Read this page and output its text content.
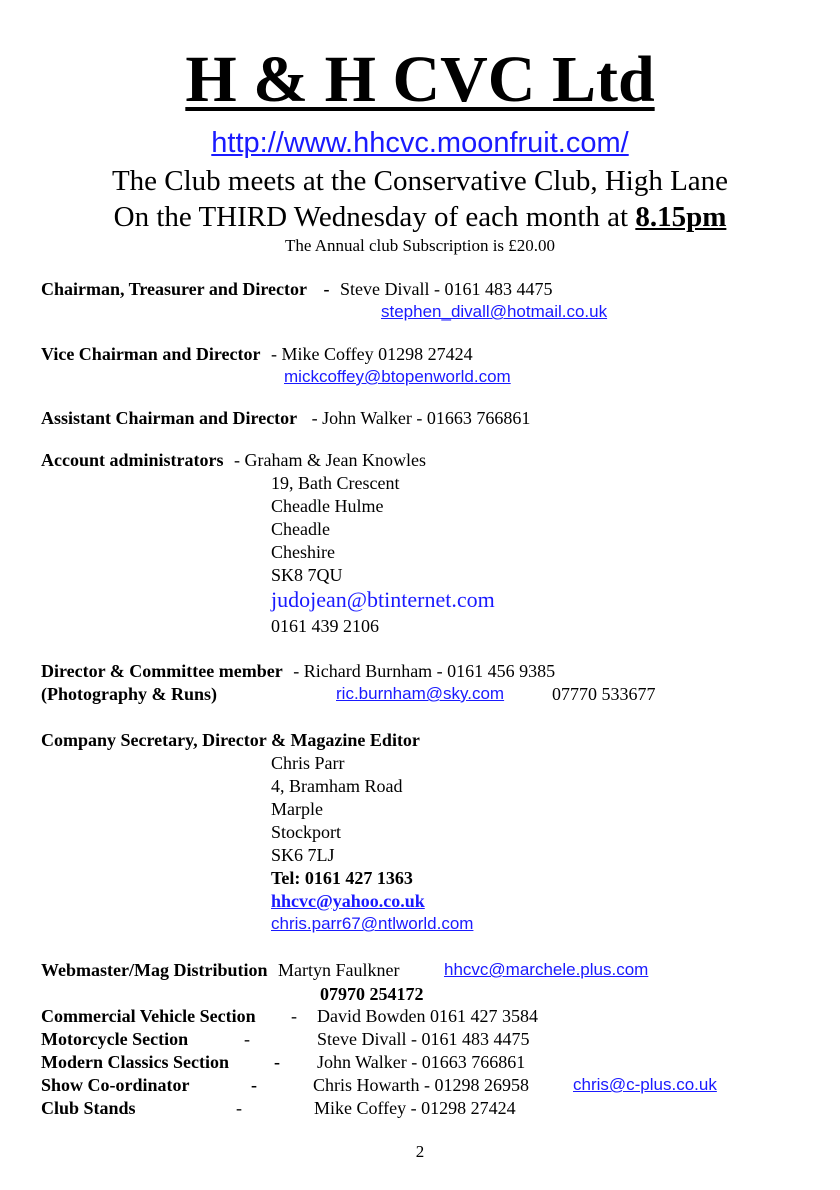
H & H CVC Ltd
http://www.hhcvc.moonfruit.com/
The Club meets at the Conservative Club, High Lane
On the THIRD Wednesday of each month at 8.15pm
The Annual club Subscription is £20.00
Chairman, Treasurer and Director - Steve Divall - 0161 483 4475
stephen_divall@hotmail.co.uk
Vice Chairman and Director - Mike Coffey 01298 27424
mickcoffey@btopenworld.com
Assistant Chairman and Director - John Walker - 01663 766861
Account administrators - Graham & Jean Knowles
19, Bath Crescent
Cheadle Hulme
Cheadle
Cheshire
SK8 7QU
judojean@btinternet.com
0161 439 2106
Director & Committee member - Richard Burnham - 0161 456 9385
(Photography & Runs)	ric.burnham@sky.com	07770 533677
Company Secretary, Director & Magazine Editor
Chris Parr
4, Bramham Road
Marple
Stockport
SK6 7LJ
Tel: 0161 427 1363
hhcvc@yahoo.co.uk
chris.parr67@ntlworld.com
Webmaster/Mag Distribution Martyn Faulkner	hhcvc@marchele.plus.com
07970 254172
Commercial Vehicle Section - David Bowden 0161 427 3584
Motorcycle Section	-	Steve Divall - 0161 483 4475
Modern Classics Section	- John Walker - 01663 766861
Show Co-ordinator	-	Chris Howarth - 01298 26958	chris@c-plus.co.uk
Club Stands	-	Mike Coffey - 01298 27424
2
